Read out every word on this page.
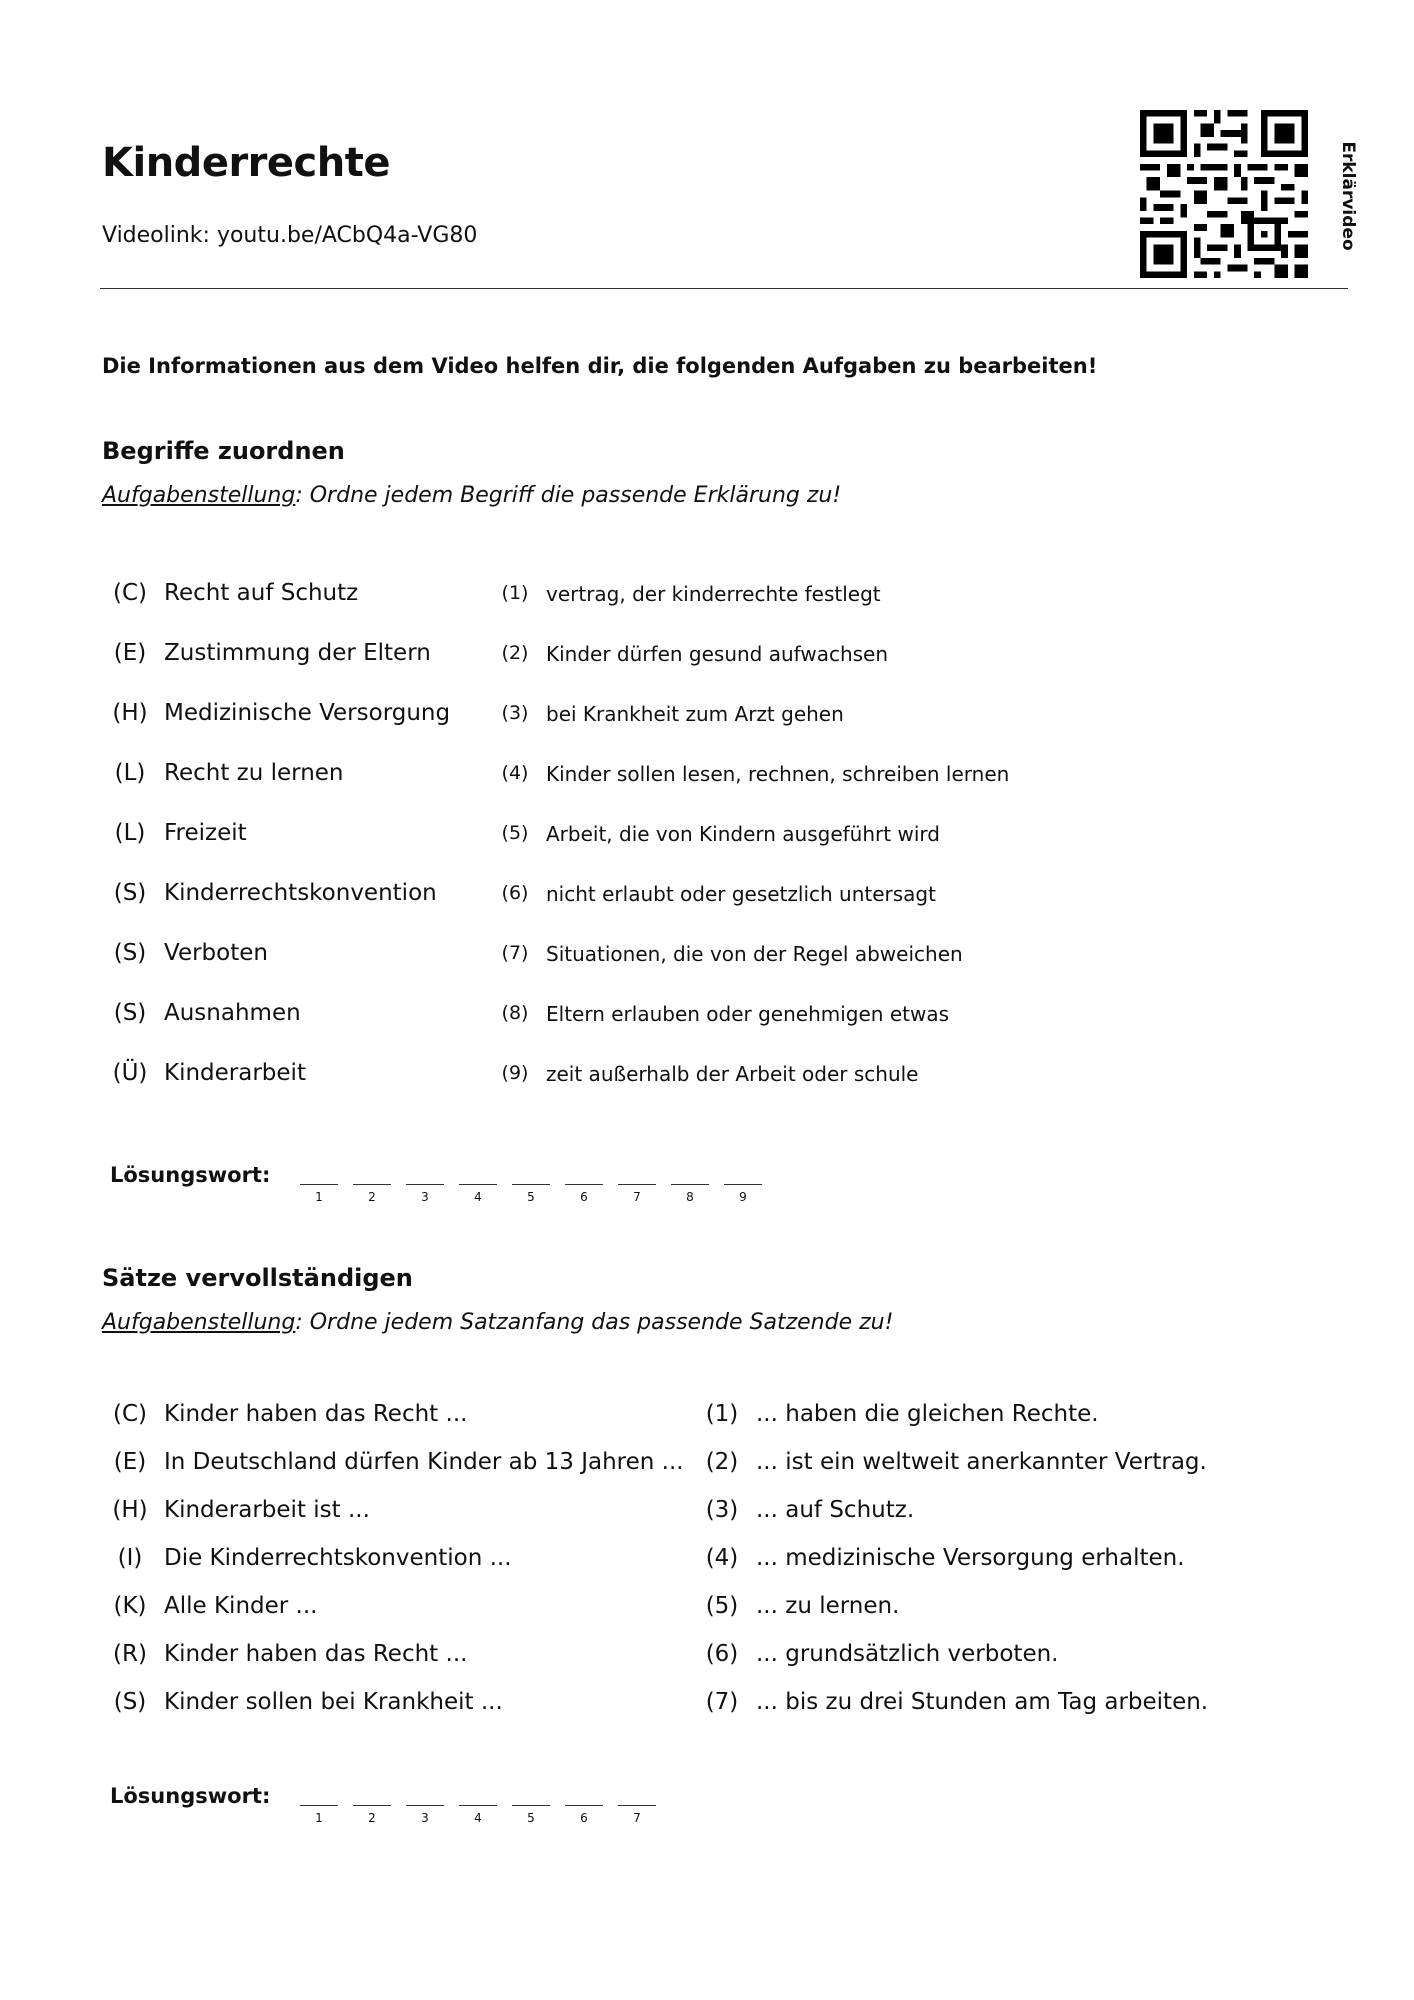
Kinderrechte
Videolink: youtu.be/ACbQ4a-VG80	Erklärvideo
Die Informationen aus dem Video helfen dir, die folgenden Aufgaben zu bearbeiten!
Begriffe zuordnen
Aufgabenstellung: Ordne jedem Begriff die passende Erklärung zu!
(C) Recht auf Schutz	(1) vertrag, der kinderrechte festlegt
(E) Zustimmung der Eltern	(2) Kinder dürfen gesund aufwachsen
(H) Medizinische Versorgung	(3) bei Krankheit zum Arzt gehen
(L) Recht zu lernen	(4) Kinder sollen lesen, rechnen, schreiben lernen
(L) Freizeit	(5) Arbeit, die von Kindern ausgeführt wird
(S) Kinderrechtskonvention	(6) nicht erlaubt oder gesetzlich untersagt
(S) Verboten	(7) Situationen, die von der Regel abweichen
(S) Ausnahmen	(8) Eltern erlauben oder genehmigen etwas
(Ü) Kinderarbeit	(9) zeit außerhalb der Arbeit oder schule
Lösungswort:
1	2	3	4	5	6	7	8	9
Sätze vervollständigen
Aufgabenstellung: Ordne jedem Satzanfang das passende Satzende zu!
(C) Kinder haben das Recht ...	(1) ... haben die gleichen Rechte.
(E) In Deutschland dürfen Kinder ab 13 Jahren ... (2) ... ist ein weltweit anerkannter Vertrag.
(H) Kinderarbeit ist ...	(3) ... auf Schutz.
(I) Die Kinderrechtskonvention ...	(4) ... medizinische Versorgung erhalten.
(K) Alle Kinder ...	(5) ... zu lernen.
(R) Kinder haben das Recht ...	(6) ... grundsätzlich verboten.
(S) Kinder sollen bei Krankheit ...	(7) ... bis zu drei Stunden am Tag arbeiten.
Lösungswort:
1	2	3	4	5	6	7
